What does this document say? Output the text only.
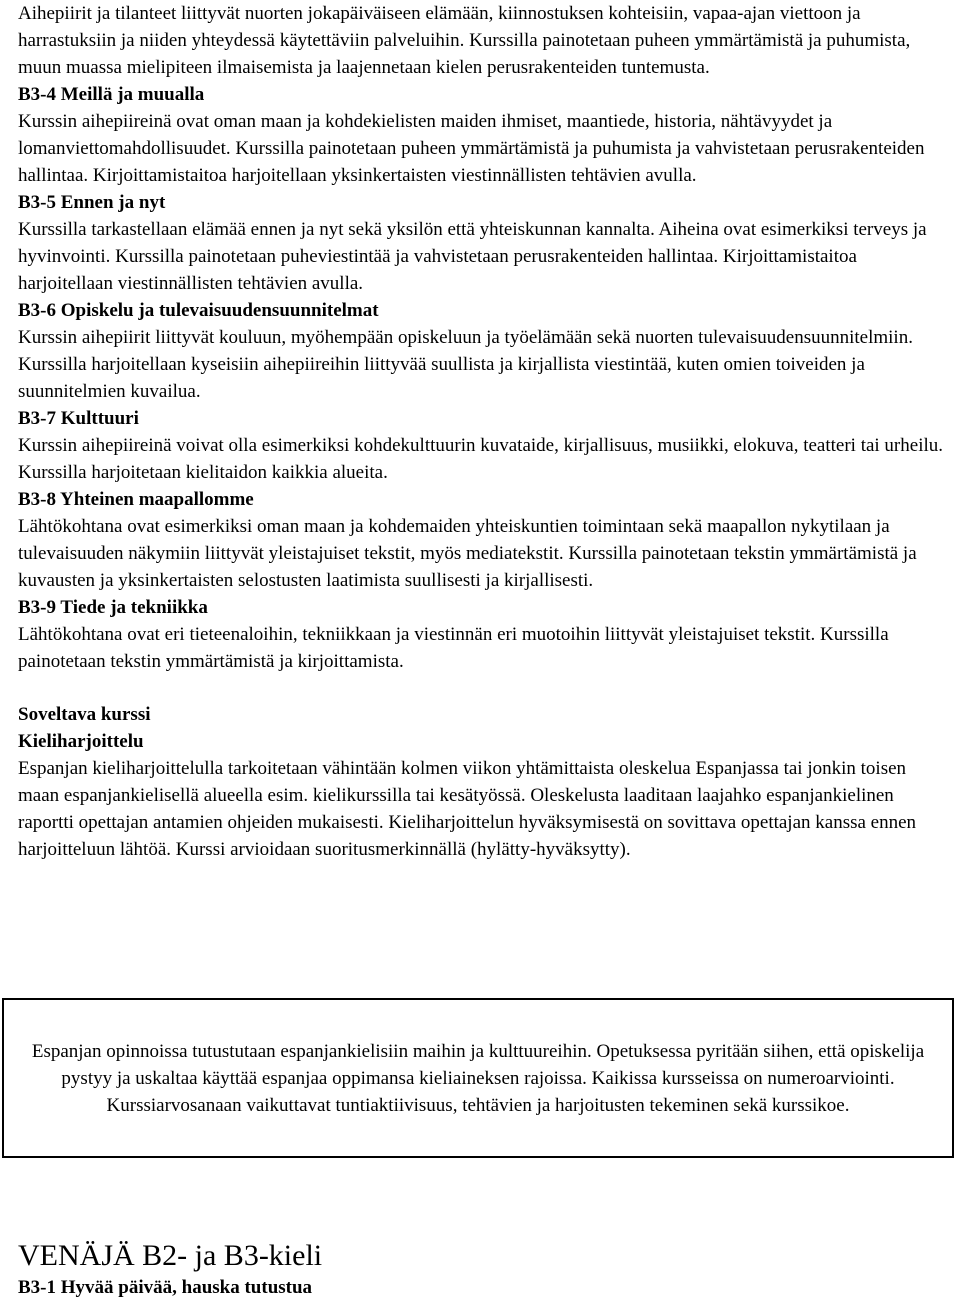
Aihepiirit ja tilanteet liittyvät nuorten jokapäiväiseen elämään, kiinnostuksen kohteisiin, vapaa-ajan viettoon ja harrastuksiin ja niiden yhteydessä käytettäviin palveluihin. Kurssilla painotetaan puheen ymmärtämistä ja puhumista, muun muassa mielipiteen ilmaisemista ja laajennetaan kielen perusrakenteiden tuntemusta.

B3-4 Meillä ja muualla

Kurssin aihepiireinä ovat oman maan ja kohdekielisten maiden ihmiset, maantiede, historia, nähtävyydet ja lomanviettomahdollisuudet. Kurssilla painotetaan puheen ymmärtämistä ja puhumista ja vahvistetaan perusrakenteiden hallintaa. Kirjoittamistaitoa harjoitellaan yksinkertaisten viestinnällisten tehtävien avulla.

B3-5 Ennen ja nyt

Kurssilla tarkastellaan elämää ennen ja nyt sekä yksilön että yhteiskunnan kannalta. Aiheina ovat esimerkiksi terveys ja hyvinvointi. Kurssilla painotetaan puheviestintää ja vahvistetaan perusrakenteiden hallintaa. Kirjoittamistaitoa harjoitellaan viestinnällisten tehtävien avulla.

B3-6 Opiskelu ja tulevaisuudensuunnitelmat

Kurssin aihepiirit liittyvät kouluun, myöhempään opiskeluun ja työelämään sekä nuorten tulevaisuudensuunnitelmiin. Kurssilla harjoitellaan kyseisiin aihepiireihin liittyvää suullista ja kirjallista viestintää, kuten omien toiveiden ja suunnitelmien kuvailua.

B3-7 Kulttuuri

Kurssin aihepiireinä voivat olla esimerkiksi kohdekulttuurin kuvataide, kirjallisuus, musiikki, elokuva, teatteri tai urheilu. Kurssilla harjoitetaan kielitaidon kaikkia alueita.

B3-8 Yhteinen maapallomme

Lähtökohtana ovat esimerkiksi oman maan ja kohdemaiden yhteiskuntien toimintaan sekä maapallon nykytilaan ja tulevaisuuden näkymiin liittyvät yleistajuiset tekstit, myös mediatekstit. Kurssilla painotetaan tekstin ymmärtämistä ja kuvausten ja yksinkertaisten selostusten laatimista suullisesti ja kirjallisesti.

B3-9 Tiede ja tekniikka

Lähtökohtana ovat eri tieteenaloihin, tekniikkaan ja viestinnän eri muotoihin liittyvät yleistajuiset tekstit. Kurssilla painotetaan tekstin ymmärtämistä ja kirjoittamista.

Soveltava kurssi
Kieliharjoittelu

Espanjan kieliharjoittelulla tarkoitetaan vähintään kolmen viikon yhtämittaista oleskelua Espanjassa tai jonkin toisen maan espanjankielisellä alueella esim. kielikurssilla tai kesätyössä. Oleskelusta laaditaan laajahko espanjankielinen raportti opettajan antamien ohjeiden mukaisesti. Kieliharjoittelun hyväksymisestä on sovittava opettajan kanssa ennen harjoitteluun lähtöä. Kurssi arvioidaan suoritusmerkinnällä (hylätty-hyväksytty).

Espanjan opinnoissa tutustutaan espanjankielisiin maihin ja kulttuureihin. Opetuksessa pyritään siihen, että opiskelija pystyy ja uskaltaa käyttää espanjaa oppimansa kieliaineksen rajoissa. Kaikissa kursseissa on numeroarviointi. Kurssiarvosanaan vaikuttavat tuntiaktiivisuus, tehtävien ja harjoitusten tekeminen sekä kurssikoe.

VENÄJÄ B2- ja B3-kieli
B3-1 Hyvää päivää, hauska tutustua
